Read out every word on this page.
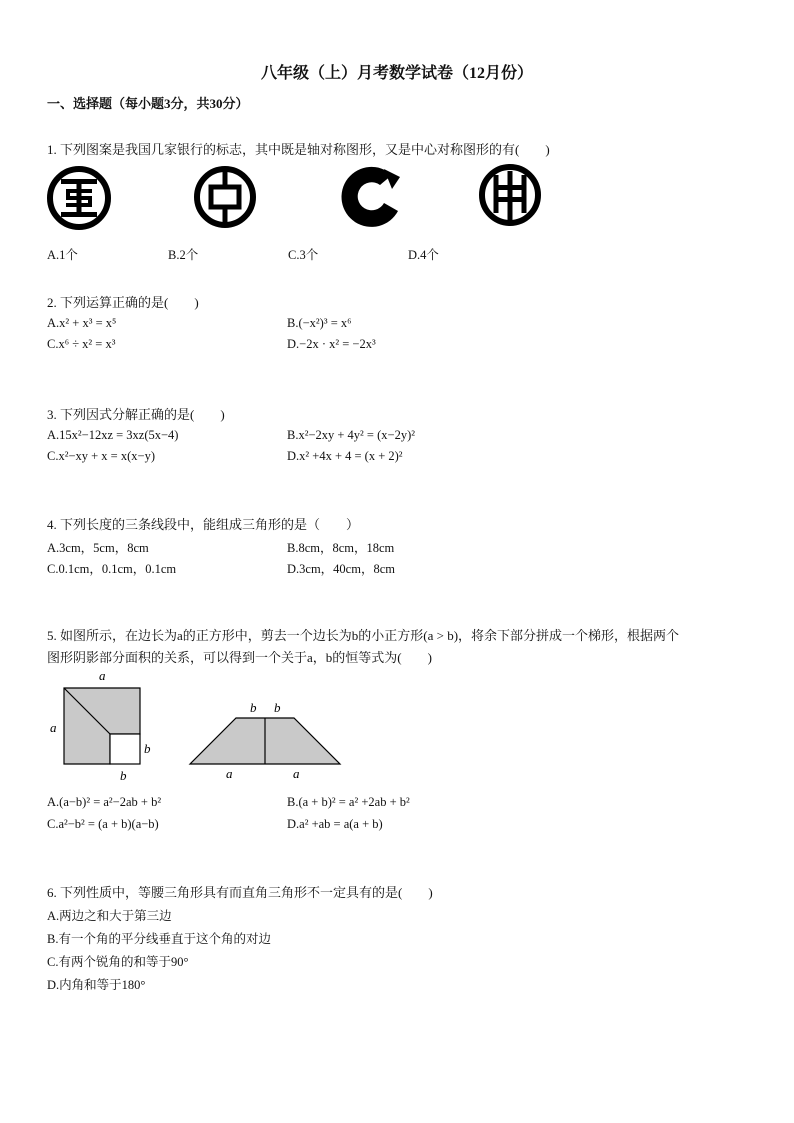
八年级（上）月考数学试卷（12月份）
一、选择题（每小题3分，共30分）
1. 下列图案是我国几家银行的标志，其中既是轴对称图形，又是中心对称图形的有(　　)
A.1个	B.2个	C.3个	D.4个
2. 下列运算正确的是(　　)
A.x² + x³ = x⁵	B.(−x²)³ = x⁶
C.x⁶ ÷ x² = x³	D.−2x · x² = −2x³
3. 下列因式分解正确的是(　　)
A.15x²−12xz = 3xz(5x−4)	B.x²−2xy + 4y² = (x−2y)²
C.x²−xy + x = x(x−y)	D.x² +4x + 4 = (x + 2)²
4. 下列长度的三条线段中，能组成三角形的是（　　）
A.3cm，5cm，8cm	B.8cm，8cm，18cm
C.0.1cm，0.1cm，0.1cm	D.3cm，40cm，8cm
5. 如图所示，在边长为a的正方形中，剪去一个边长为b的小正方形(a > b)，将余下部分拼成一个梯形，根据两个
图形阴影部分面积的关系，可以得到一个关于a，b的恒等式为(　　)
a
a
b
b
b b
a	a
A.(a−b)² = a²−2ab + b²	B.(a + b)² = a² +2ab + b²
C.a²−b² = (a + b)(a−b)	D.a² +ab = a(a + b)
6. 下列性质中，等腰三角形具有而直角三角形不一定具有的是(　　)
A.两边之和大于第三边
B.有一个角的平分线垂直于这个角的对边
C.有两个锐角的和等于90°
D.内角和等于180°
